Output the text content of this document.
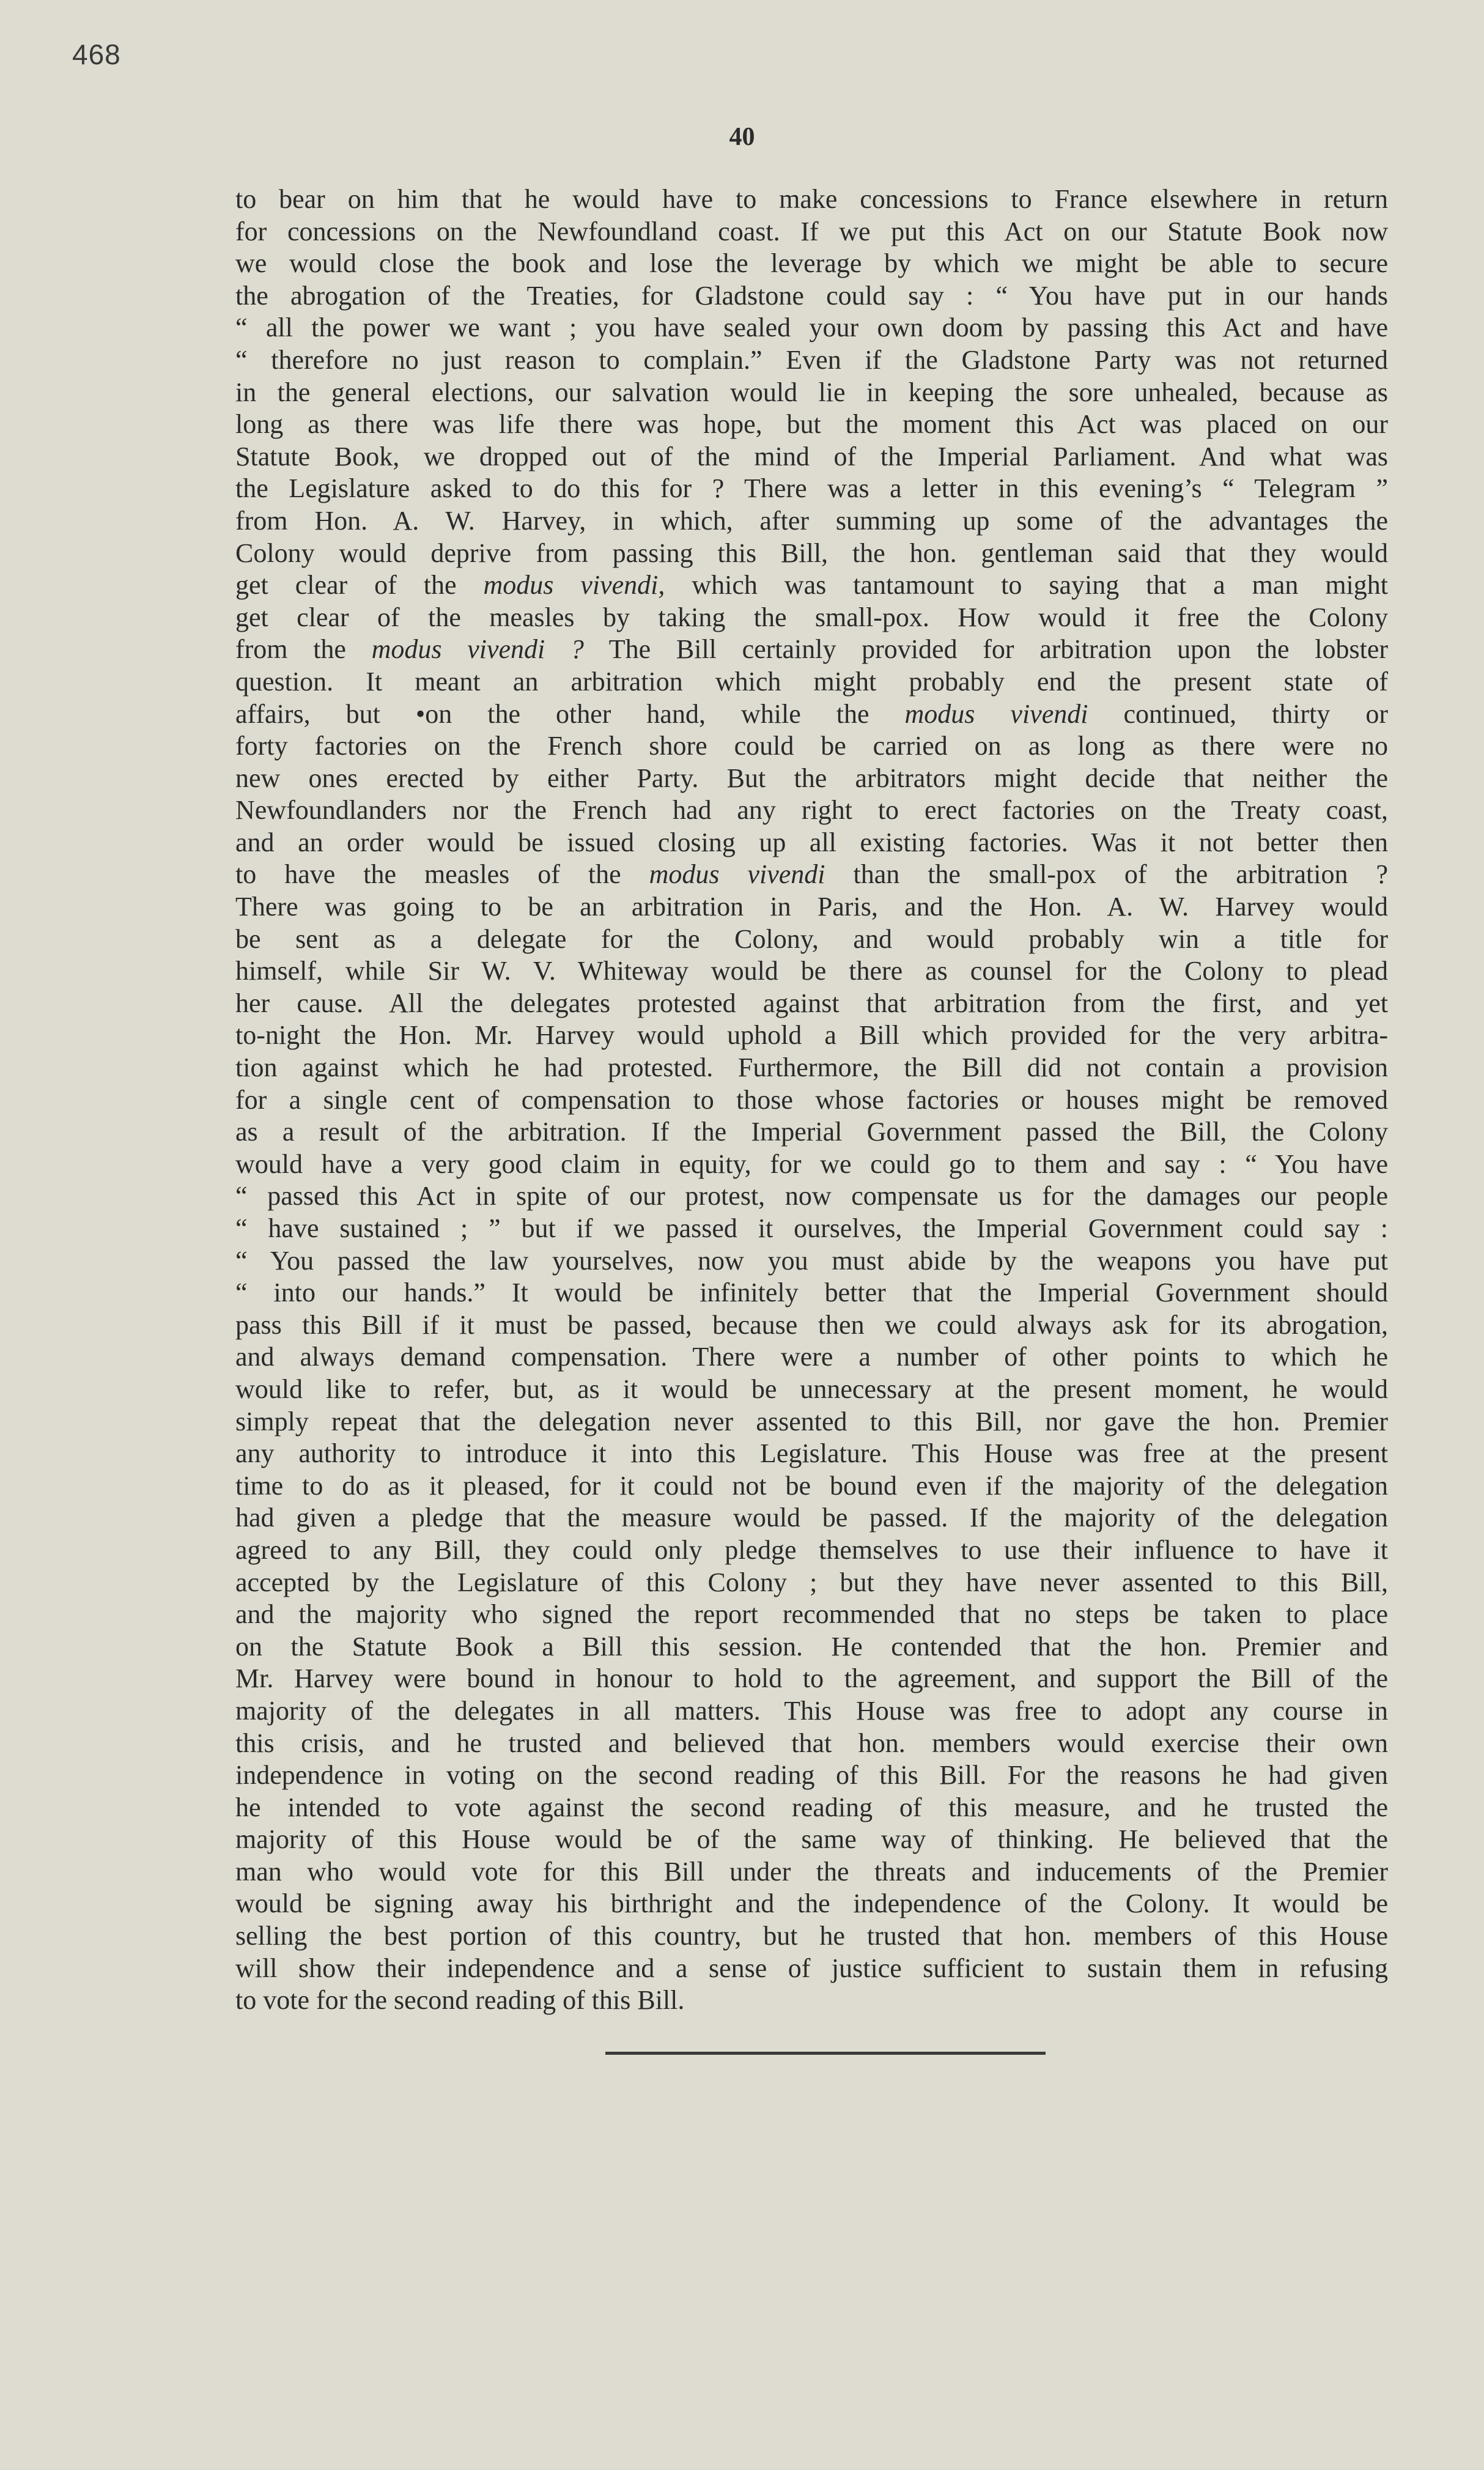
468
40
to bear on him that he would have to make concessions to France elsewhere in return
for concessions on the Newfoundland coast. If we put this Act on our Statute Book now
we would close the book and lose the leverage by which we might be able to secure
the abrogation of the Treaties, for Gladstone could say : “ You have put in our hands
“ all the power we want ; you have sealed your own doom by passing this Act and have
“ therefore no just reason to complain.” Even if the Gladstone Party was not returned
in the general elections, our salvation would lie in keeping the sore unhealed, because as
long as there was life there was hope, but the moment this Act was placed on our
Statute Book, we dropped out of the mind of the Imperial Parliament. And what was
the Legislature asked to do this for ? There was a letter in this evening’s “ Telegram ”
from Hon. A. W. Harvey, in which, after summing up some of the advantages the
Colony would deprive from passing this Bill, the hon. gentleman said that they would
get clear of the modus vivendi, which was tantamount to saying that a man might
get clear of the measles by taking the small-pox. How would it free the Colony
from the modus vivendi ? The Bill certainly provided for arbitration upon the lobster
question. It meant an arbitration which might probably end the present state of
affairs, but •on the other hand, while the modus vivendi continued, thirty or
forty factories on the French shore could be carried on as long as there were no
new ones erected by either Party. But the arbitrators might decide that neither the
Newfoundlanders nor the French had any right to erect factories on the Treaty coast,
and an order would be issued closing up all existing factories. Was it not better then
to have the measles of the modus vivendi than the small-pox of the arbitration ?
There was going to be an arbitration in Paris, and the Hon. A. W. Harvey would
be sent as a delegate for the Colony, and would probably win a title for
himself, while Sir W. V. Whiteway would be there as counsel for the Colony to plead
her cause. All the delegates protested against that arbitration from the first, and yet
to-night the Hon. Mr. Harvey would uphold a Bill which provided for the very arbitra-
tion against which he had protested. Furthermore, the Bill did not contain a provision
for a single cent of compensation to those whose factories or houses might be removed
as a result of the arbitration. If the Imperial Government passed the Bill, the Colony
would have a very good claim in equity, for we could go to them and say : “ You have
“ passed this Act in spite of our protest, now compensate us for the damages our people
“ have sustained ; ” but if we passed it ourselves, the Imperial Government could say :
“ You passed the law yourselves, now you must abide by the weapons you have put
“ into our hands.” It would be infinitely better that the Imperial Government should
pass this Bill if it must be passed, because then we could always ask for its abrogation,
and always demand compensation. There were a number of other points to which he
would like to refer, but, as it would be unnecessary at the present moment, he would
simply repeat that the delegation never assented to this Bill, nor gave the hon. Premier
any authority to introduce it into this Legislature. This House was free at the present
time to do as it pleased, for it could not be bound even if the majority of the delegation
had given a pledge that the measure would be passed. If the majority of the delegation
agreed to any Bill, they could only pledge themselves to use their influence to have it
accepted by the Legislature of this Colony ; but they have never assented to this Bill,
and the majority who signed the report recommended that no steps be taken to place
on the Statute Book a Bill this session. He contended that the hon. Premier and
Mr. Harvey were bound in honour to hold to the agreement, and support the Bill of the
majority of the delegates in all matters. This House was free to adopt any course in
this crisis, and he trusted and believed that hon. members would exercise their own
independence in voting on the second reading of this Bill. For the reasons he had given
he intended to vote against the second reading of this measure, and he trusted the
majority of this House would be of the same way of thinking. He believed that the
man who would vote for this Bill under the threats and inducements of the Premier
would be signing away his birthright and the independence of the Colony. It would be
selling the best portion of this country, but he trusted that hon. members of this House
will show their independence and a sense of justice sufficient to sustain them in refusing
to vote for the second reading of this Bill.
